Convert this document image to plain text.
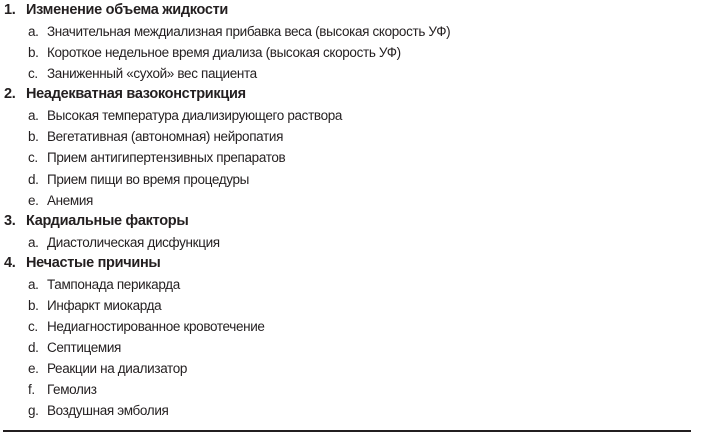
1. Изменение объема жидкости
a. Значительная междиализная прибавка веса (высокая скорость УФ)
b. Короткое недельное время диализа (высокая скорость УФ)
c. Заниженный «сухой» вес пациента
2. Неадекватная вазоконстрикция
a. Высокая температура диализирующего раствора
b. Вегетативная (автономная) нейропатия
c. Прием антигипертензивных препаратов
d. Прием пищи во время процедуры
e. Анемия
3. Кардиальные факторы
a. Диастолическая дисфункция
4. Нечастые причины
a. Тампонада перикарда
b. Инфаркт миокарда
c. Недиагностированное кровотечение
d. Септицемия
e. Реакции на диализатор
f. Гемолиз
g. Воздушная эмболия
